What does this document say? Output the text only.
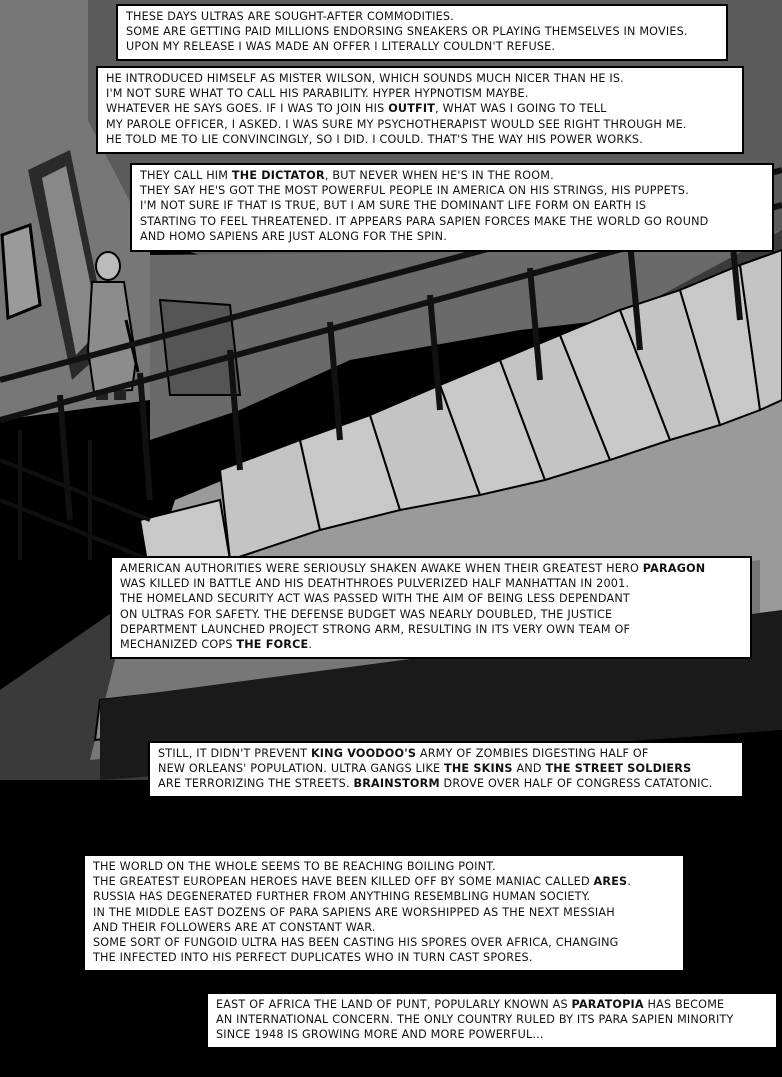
THESE DAYS ULTRAS ARE SOUGHT-AFTER COMMODITIES.
SOME ARE GETTING PAID MILLIONS ENDORSING SNEAKERS OR PLAYING THEMSELVES IN MOVIES.
UPON MY RELEASE I WAS MADE AN OFFER I LITERALLY COULDN'T REFUSE.
HE INTRODUCED HIMSELF AS MISTER WILSON, WHICH SOUNDS MUCH NICER THAN HE IS.
I'M NOT SURE WHAT TO CALL HIS PARABILITY. HYPER HYPNOTISM MAYBE.
WHATEVER HE SAYS GOES. IF I WAS TO JOIN HIS OUTFIT, WHAT WAS I GOING TO TELL
MY PAROLE OFFICER, I ASKED. I WAS SURE MY PSYCHOTHERAPIST WOULD SEE RIGHT THROUGH ME.
HE TOLD ME TO LIE CONVINCINGLY, SO I DID. I COULD. THAT'S THE WAY HIS POWER WORKS.
THEY CALL HIM THE DICTATOR, BUT NEVER WHEN HE'S IN THE ROOM.
THEY SAY HE'S GOT THE MOST POWERFUL PEOPLE IN AMERICA ON HIS STRINGS, HIS PUPPETS.
I'M NOT SURE IF THAT IS TRUE, BUT I AM SURE THE DOMINANT LIFE FORM ON EARTH IS
STARTING TO FEEL THREATENED. IT APPEARS PARA SAPIEN FORCES MAKE THE WORLD GO ROUND
AND HOMO SAPIENS ARE JUST ALONG FOR THE SPIN.
AMERICAN AUTHORITIES WERE SERIOUSLY SHAKEN AWAKE WHEN THEIR GREATEST HERO PARAGON
WAS KILLED IN BATTLE AND HIS DEATHTHROES PULVERIZED HALF MANHATTAN IN 2001.
THE HOMELAND SECURITY ACT WAS PASSED WITH THE AIM OF BEING LESS DEPENDANT
ON ULTRAS FOR SAFETY. THE DEFENSE BUDGET WAS NEARLY DOUBLED, THE JUSTICE
DEPARTMENT LAUNCHED PROJECT STRONG ARM, RESULTING IN ITS VERY OWN TEAM OF
MECHANIZED COPS THE FORCE.
STILL, IT DIDN'T PREVENT KING VOODOO'S ARMY OF ZOMBIES DIGESTING HALF OF
NEW ORLEANS' POPULATION. ULTRA GANGS LIKE THE SKINS AND THE STREET SOLDIERS
ARE TERRORIZING THE STREETS. BRAINSTORM DROVE OVER HALF OF CONGRESS CATATONIC.
THE WORLD ON THE WHOLE SEEMS TO BE REACHING BOILING POINT.
THE GREATEST EUROPEAN HEROES HAVE BEEN KILLED OFF BY SOME MANIAC CALLED ARES.
RUSSIA HAS DEGENERATED FURTHER FROM ANYTHING RESEMBLING HUMAN SOCIETY.
IN THE MIDDLE EAST DOZENS OF PARA SAPIENS ARE WORSHIPPED AS THE NEXT MESSIAH
AND THEIR FOLLOWERS ARE AT CONSTANT WAR.
SOME SORT OF FUNGOID ULTRA HAS BEEN CASTING HIS SPORES OVER AFRICA, CHANGING
THE INFECTED INTO HIS PERFECT DUPLICATES WHO IN TURN CAST SPORES.
EAST OF AFRICA THE LAND OF PUNT, POPULARLY KNOWN AS PARATOPIA HAS BECOME
AN INTERNATIONAL CONCERN. THE ONLY COUNTRY RULED BY ITS PARA SAPIEN MINORITY
SINCE 1948 IS GROWING MORE AND MORE POWERFUL...
